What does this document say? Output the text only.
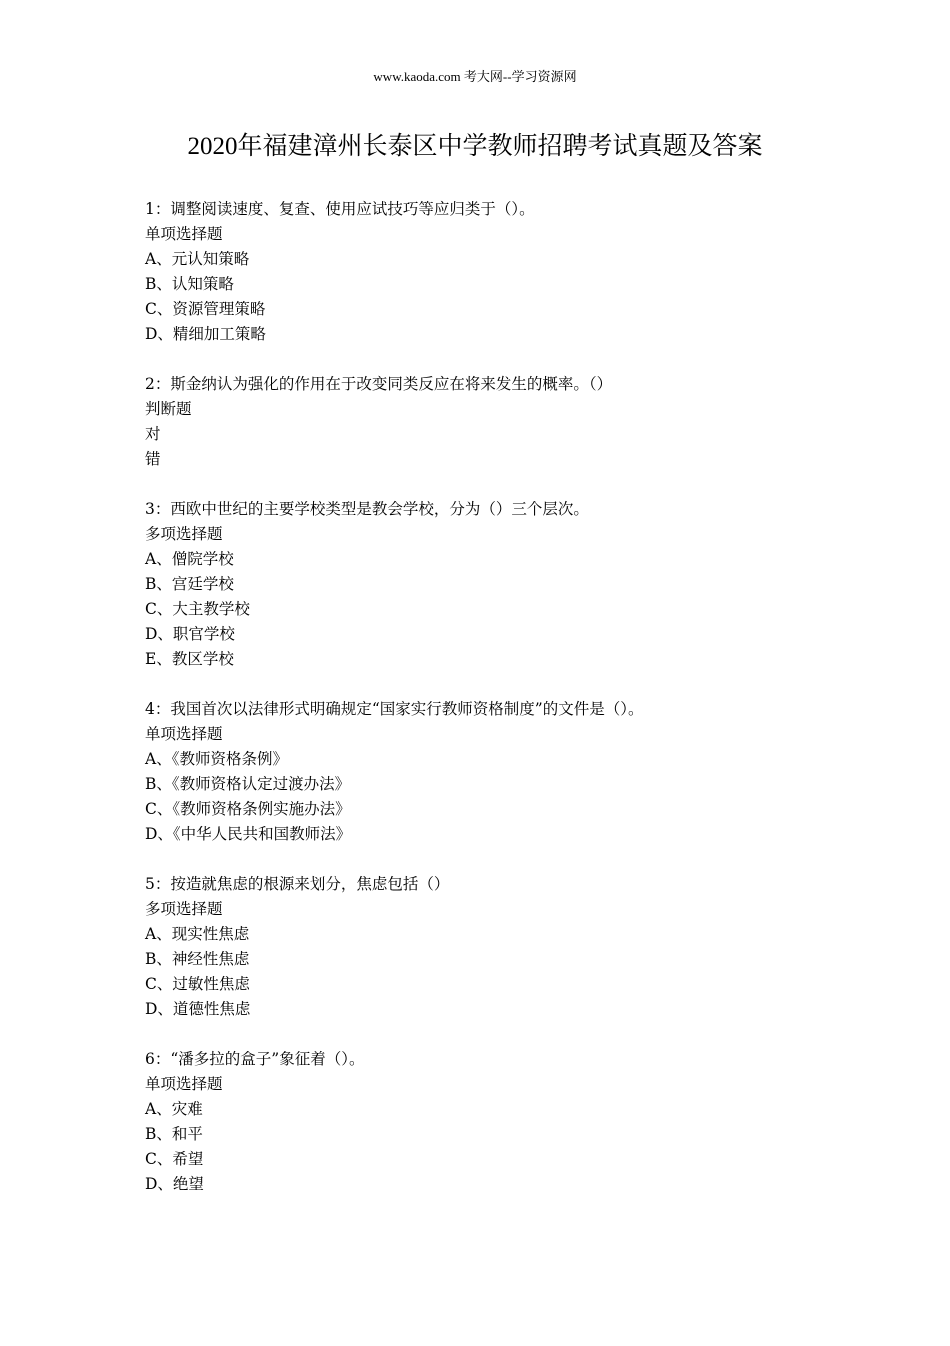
www.kaoda.com 考大网--学习资源网
2020年福建漳州长泰区中学教师招聘考试真题及答案
1：调整阅读速度、复查、使用应试技巧等应归类于（）。
单项选择题
A、元认知策略
B、认知策略
C、资源管理策略
D、精细加工策略
2：斯金纳认为强化的作用在于改变同类反应在将来发生的概率。（）
判断题
对
错
3：西欧中世纪的主要学校类型是教会学校，分为（）三个层次。
多项选择题
A、僧院学校
B、宫廷学校
C、大主教学校
D、职官学校
E、教区学校
4：我国首次以法律形式明确规定“国家实行教师资格制度”的文件是（）。
单项选择题
A、《教师资格条例》
B、《教师资格认定过渡办法》
C、《教师资格条例实施办法》
D、《中华人民共和国教师法》
5：按造就焦虑的根源来划分，焦虑包括（）
多项选择题
A、现实性焦虑
B、神经性焦虑
C、过敏性焦虑
D、道德性焦虑
6：“潘多拉的盒子”象征着（）。
单项选择题
A、灾难
B、和平
C、希望
D、绝望
